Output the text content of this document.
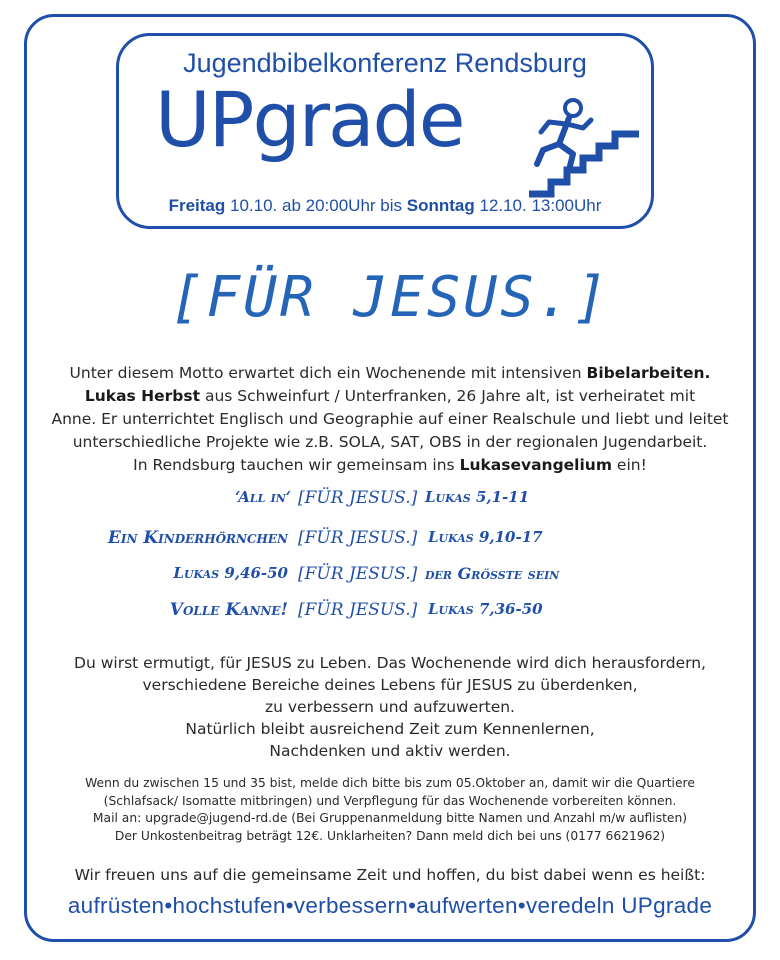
Jugendbibelkonferenz Rendsburg
UPgrade
Freitag 10.10. ab 20:00Uhr bis Sonntag 12.10. 13:00Uhr
[FÜR JESUS.]
Unter diesem Motto erwartet dich ein Wochenende mit intensiven Bibelarbeiten.
Lukas Herbst aus Schweinfurt / Unterfranken, 26 Jahre alt, ist verheiratet mit
Anne. Er unterrichtet Englisch und Geographie auf einer Realschule und liebt und leitet
unterschiedliche Projekte wie z.B. SOLA, SAT, OBS in der regionalen Jugendarbeit.
In Rendsburg tauchen wir gemeinsam ins Lukasevangelium ein!
‘All in‘ [FÜR JESUS.] Lukas 5,1-11
Ein Kinderhörnchen [FÜR JESUS.] Lukas 9,10-17
Lukas 9,46-50 [FÜR JESUS.] der Größte sein
Volle Kanne! [FÜR JESUS.] Lukas 7,36-50
Du wirst ermutigt, für JESUS zu Leben. Das Wochenende wird dich herausfordern,
verschiedene Bereiche deines Lebens für JESUS zu überdenken,
zu verbessern und aufzuwerten.
Natürlich bleibt ausreichend Zeit zum Kennenlernen,
Nachdenken und aktiv werden.
Wenn du zwischen 15 und 35 bist, melde dich bitte bis zum 05.Oktober an, damit wir die Quartiere
(Schlafsack/ Isomatte mitbringen) und Verpflegung für das Wochenende vorbereiten können.
Mail an: upgrade@jugend-rd.de (Bei Gruppenanmeldung bitte Namen und Anzahl m/w auflisten)
Der Unkostenbeitrag beträgt 12€. Unklarheiten? Dann meld dich bei uns (0177 6621962)
Wir freuen uns auf die gemeinsame Zeit und hoffen, du bist dabei wenn es heißt:
aufrüsten•hochstufen•verbessern•aufwerten•veredeln UPgrade
